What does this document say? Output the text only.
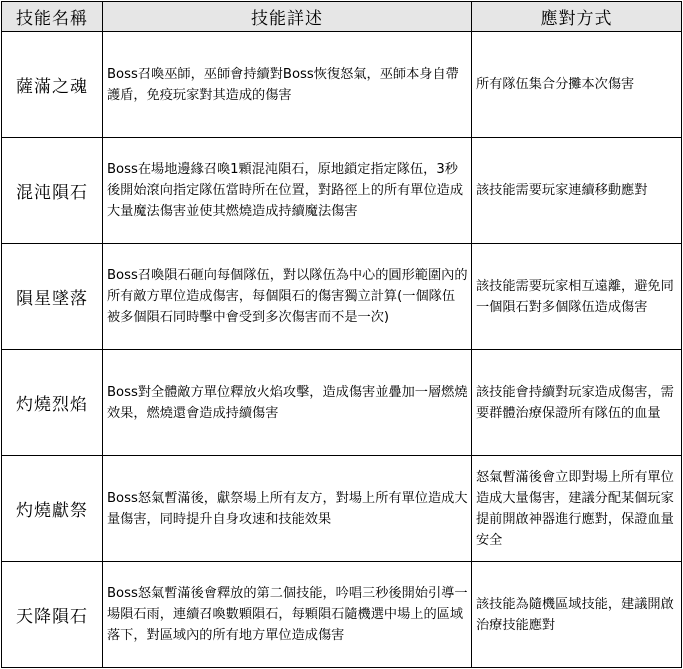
技能名稱	技能詳述	應對方式
薩滿之魂	Boss召喚巫師，巫師會持續對Boss恢復怒氣，巫師本身自帶護盾，免疫玩家對其造成的傷害	所有隊伍集合分攤本次傷害
混沌隕石	Boss在場地邊緣召喚1顆混沌隕石，原地鎖定指定隊伍，3秒後開始滾向指定隊伍當時所在位置，對路徑上的所有單位造成大量魔法傷害並使其燃燒造成持續魔法傷害	該技能需要玩家連續移動應對
隕星墜落	Boss召喚隕石砸向每個隊伍，對以隊伍為中心的圓形範圍內的所有敵方單位造成傷害，每個隕石的傷害獨立計算(一個隊伍被多個隕石同時擊中會受到多次傷害而不是一次)	該技能需要玩家相互遠離，避免同一個隕石對多個隊伍造成傷害
灼燒烈焰	Boss對全體敵方單位釋放火焰攻擊，造成傷害並疊加一層燃燒效果，燃燒還會造成持續傷害	該技能會持續對玩家造成傷害，需要群體治療保證所有隊伍的血量
灼燒獻祭	Boss怒氣暫滿後，獻祭場上所有友方，對場上所有單位造成大量傷害，同時提升自身攻速和技能效果	怒氣暫滿後會立即對場上所有單位造成大量傷害，建議分配某個玩家提前開啟神器進行應對，保證血量安全
天降隕石	Boss怒氣暫滿後會釋放的第二個技能，吟唱三秒後開始引導一場隕石雨，連續召喚數顆隕石，每顆隕石隨機選中場上的區域落下，對區域內的所有地方單位造成傷害	該技能為隨機區域技能，建議開啟治療技能應對
